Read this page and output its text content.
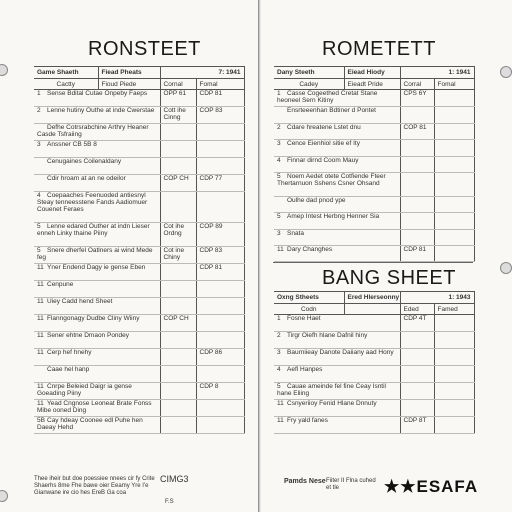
RONSTEET
Game Shaeth	Fiead Pheats	7: 1941	
Cactty	Fioud Piede	Cornal	Fomal
1 Sense Bdital Cutae Onpeby Faeps		OPP 61	CDP 81
2 Lenne hutiny Outhe at inde Cwerstae		Cott ihe Cinng	COP 83
Defhe Cotrsrabchine Arthry Heaner Casde Tsfraiing			
3 Anssner CB 5B 8			
Cenugaines Coilenaldany			
Cdir hroam at an ne odeilor		COP CH	CDP 77
4 Coepaaches Feenuoded antiesnyl Steay tenneesstene Fands Aadiomuer Couenet Feraes			
5 Lenne edared Outher at indn Lieser enneh Linky thaine Piiny		Cot ihe Ordng	COP 89
5 Snere dherfel Oatlners ai wind Mede feg		Cot ine Chiny	CDP 83
11 Yner Endend Dagy ie gense Eben			CDP 81
11 Cenpune			
11 Uiey Cadd hend Sheet			
11 Flanngonagy Dudbe Cliny Wiiny		COP CH	
11 Sener ehtne Dmaon Pondey			
11 Cerp hef hnehy			CDP 86
Caae hel hanp			
11 Cnrpe Beleied Daigr ia gense Goeading Piiny			CDP 8
11 Yead Cngnose Leoneat Brate Fonss Mibe ooned Ding			
5B Cay hdeay Coonee edl Puhe hen Daeay Hehd			
Thee iheir but doe poessiee nnees cir fy Crite Shaerhs 8me Fhe bawe oier Eeamy Yre I'e Gianwane ire cio hes EreB Ga coa
CIMG3
F.S
ROMETETT
Dany Steeth	Eiead Hiody	1: 1941	
Cadey	Eieadt Pride	Corral	Fomal
1 Casse Cogeethed Cretat Stane heoneel Sern Kitiny		CPS 6Y	
Ensrteeenhan Bdtiner d Pontet			
2 Cdare hreatene Lstet dnu		COP 81	
3 Cence Eienhiol sitie ef Ity			
4 Finnar dirnd Coom Mauy			
5 Noem Aedet otete Cotfiende Fteer Thertarnuon Sshens Csner Ohsand			
Oulhe dad pnod ype			
5 Amep Intest Herbng Henner Sia			
3 Snata			
11 Dary Changhes		CDP 81	
BANG SHEET
Oxng Stheets	Ered Hlerseonny	1: 1943	
Codn		Eded	Famed
1 Fosne Haet		CDP 4T	
2 Tirgr Oiefh hlane Dafnil hiny			
3 Baurniieay Danote Daiiany aad Hony			
4 Aefl Hanpes			
5 Cauae ameinde fel fine Ceay Isntil hane Eliing			
11 Csnyeriioy Fenid Hlane Dnnuty			
11 Fry yald fanes		CDP 8T	
Pamds Nese Fiiter II Flna cuhed et tle	★★ESAFA
